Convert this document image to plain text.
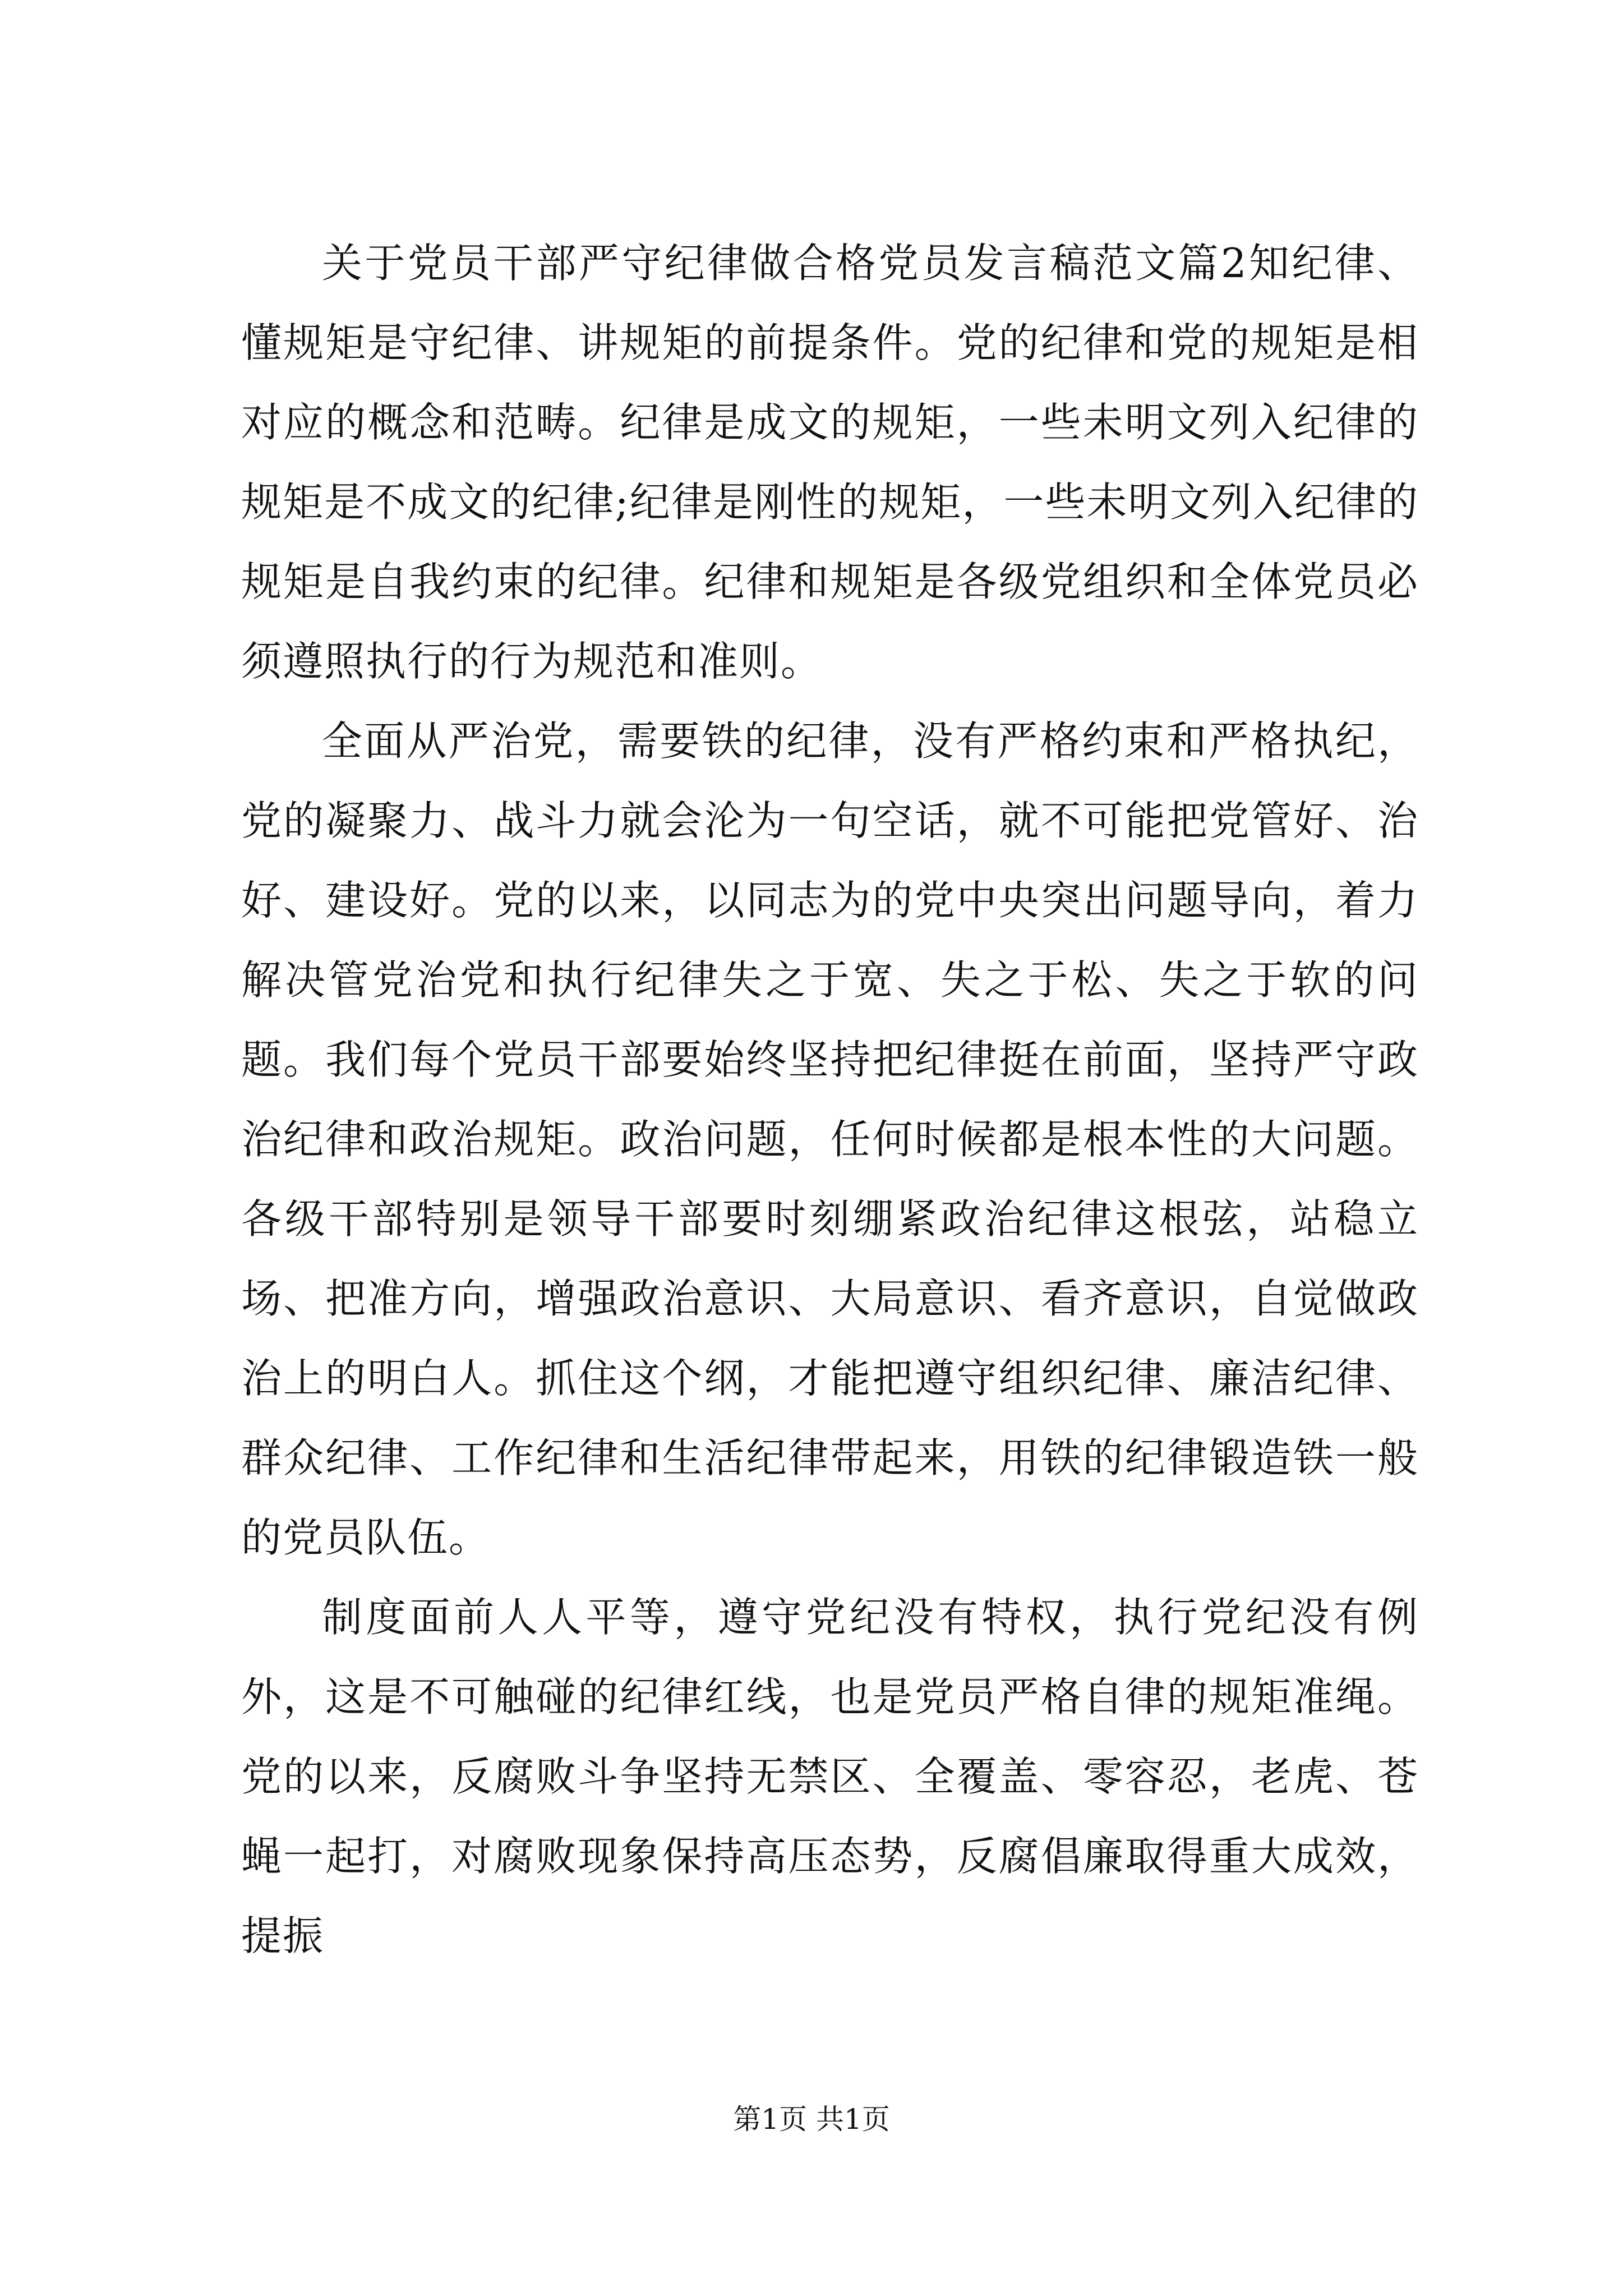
关于党员干部严守纪律做合格党员发言稿范文篇2知纪律、懂规矩是守纪律、讲规矩的前提条件。党的纪律和党的规矩是相对应的概念和范畴。纪律是成文的规矩，一些未明文列入纪律的规矩是不成文的纪律;纪律是刚性的规矩，一些未明文列入纪律的规矩是自我约束的纪律。纪律和规矩是各级党组织和全体党员必须遵照执行的行为规范和准则。

全面从严治党，需要铁的纪律，没有严格约束和严格执纪，党的凝聚力、战斗力就会沦为一句空话，就不可能把党管好、治好、建设好。党的以来，以同志为的党中央突出问题导向，着力解决管党治党和执行纪律失之于宽、失之于松、失之于软的问题。我们每个党员干部要始终坚持把纪律挺在前面，坚持严守政治纪律和政治规矩。政治问题，任何时候都是根本性的大问题。各级干部特别是领导干部要时刻绷紧政治纪律这根弦，站稳立场、把准方向，增强政治意识、大局意识、看齐意识，自觉做政治上的明白人。抓住这个纲，才能把遵守组织纪律、廉洁纪律、群众纪律、工作纪律和生活纪律带起来，用铁的纪律锻造铁一般的党员队伍。

制度面前人人平等，遵守党纪没有特权，执行党纪没有例外，这是不可触碰的纪律红线，也是党员严格自律的规矩准绳。党的以来，反腐败斗争坚持无禁区、全覆盖、零容忍，老虎、苍蝇一起打，对腐败现象保持高压态势，反腐倡廉取得重大成效，提振

第1页 共1页
